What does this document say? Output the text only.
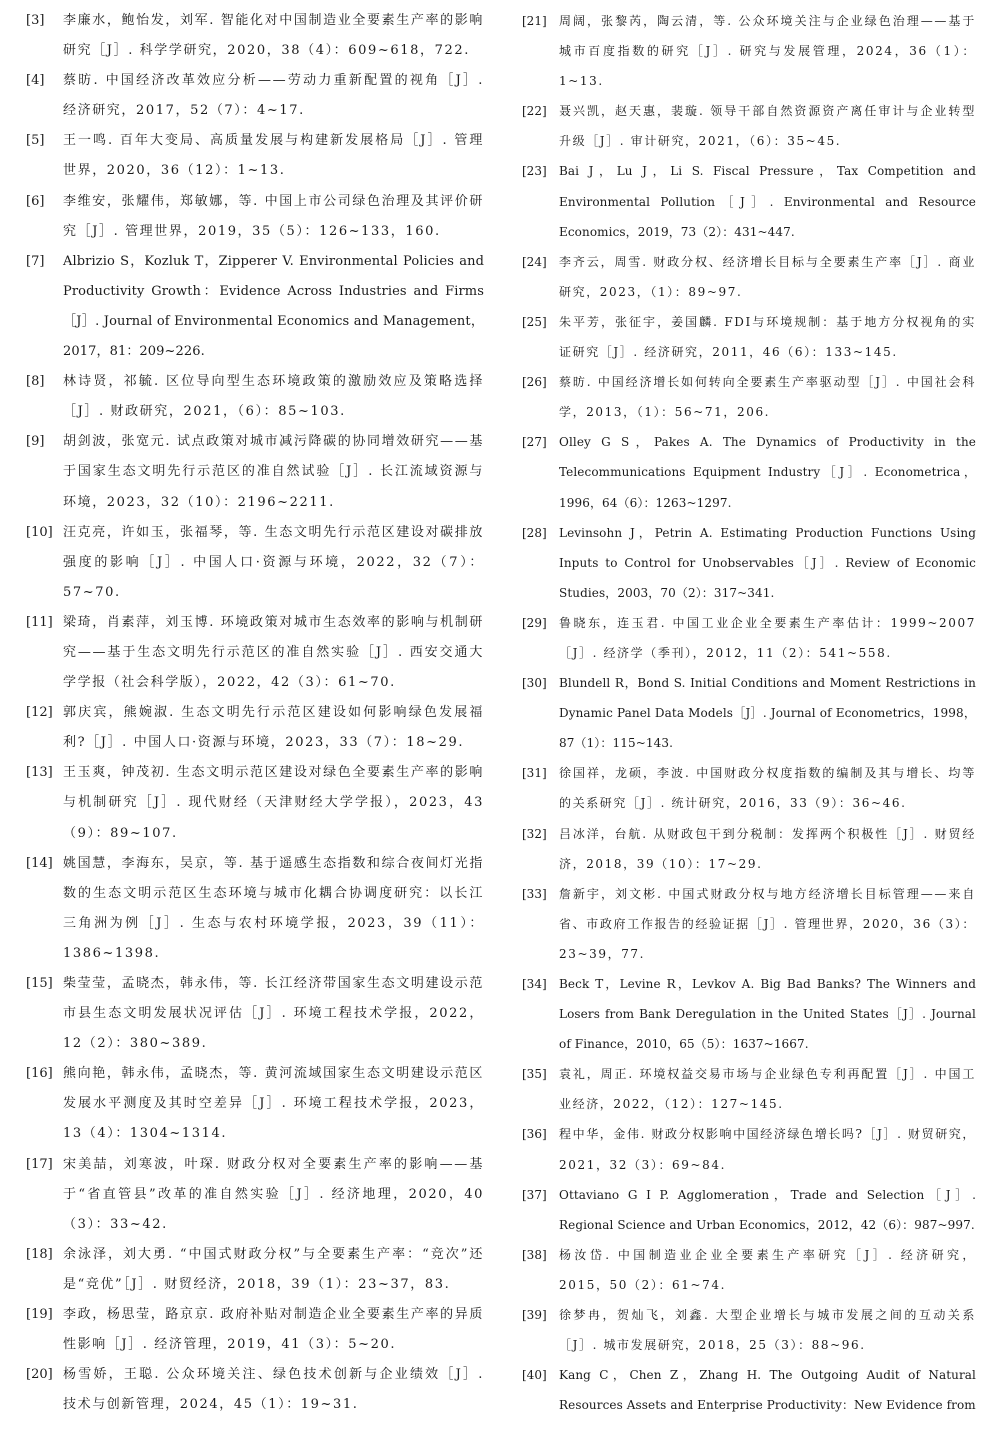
[3]	李廉水，鲍怡发，刘军. 智能化对中国制造业全要素生产率的影响研究［J］. 科学学研究，2020，38（4）：609~618，722.
[4]	蔡昉. 中国经济改革效应分析——劳动力重新配置的视角［J］. 经济研究，2017，52（7）：4~17.
[5]	王一鸣. 百年大变局、高质量发展与构建新发展格局［J］. 管理世界，2020，36（12）：1~13.
[6]	李维安，张耀伟，郑敏娜，等. 中国上市公司绿色治理及其评价研究［J］. 管理世界，2019，35（5）：126~133，160.
[7]	Albrizio S，Kozluk T，Zipperer V. Environmental Policies and Productivity Growth：Evidence Across Industries and Firms［J］. Journal of Environmental Economics and Management，2017，81：209~226.
[8]	林诗贤，祁毓. 区位导向型生态环境政策的激励效应及策略选择［J］. 财政研究，2021，（6）：85~103.
[9]	胡剑波，张宽元. 试点政策对城市减污降碳的协同增效研究——基于国家生态文明先行示范区的准自然试验［J］. 长江流域资源与环境，2023，32（10）：2196~2211.
[10] 汪克亮，许如玉，张福琴，等. 生态文明先行示范区建设对碳排放强度的影响［J］. 中国人口·资源与环境，2022，32（7）：57~70.
[11] 梁琦，肖素萍，刘玉博. 环境政策对城市生态效率的影响与机制研究——基于生态文明先行示范区的准自然实验［J］. 西安交通大学学报（社会科学版），2022，42（3）：61~70.
[12] 郭庆宾，熊婉淑. 生态文明先行示范区建设如何影响绿色发展福利?［J］. 中国人口·资源与环境，2023，33（7）：18~29.
[13] 王玉爽，钟茂初. 生态文明示范区建设对绿色全要素生产率的影响与机制研究［J］. 现代财经（天津财经大学学报），2023，43（9）：89~107.
[14] 姚国慧，李海东，吴京，等. 基于遥感生态指数和综合夜间灯光指数的生态文明示范区生态环境与城市化耦合协调度研究：以长江三角洲为例［J］. 生态与农村环境学报，2023，39（11）：1386~1398.
[15] 柴莹莹，孟晓杰，韩永伟，等. 长江经济带国家生态文明建设示范市县生态文明发展状况评估［J］. 环境工程技术学报，2022，12（2）：380~389.
[16] 熊向艳，韩永伟，孟晓杰，等. 黄河流域国家生态文明建设示范区发展水平测度及其时空差异［J］. 环境工程技术学报，2023，13（4）：1304~1314.
[17] 宋美喆，刘寒波，叶琛. 财政分权对全要素生产率的影响——基于“省直管县”改革的准自然实验［J］. 经济地理，2020，40（3）：33~42.
[18] 余泳泽，刘大勇. “中国式财政分权”与全要素生产率：“竞次”还是“竞优”［J］. 财贸经济，2018，39（1）：23~37，83.
[19] 李政，杨思莹，路京京. 政府补贴对制造企业全要素生产率的异质性影响［J］. 经济管理，2019，41（3）：5~20.
[20] 杨雪娇，王聪. 公众环境关注、绿色技术创新与企业绩效［J］. 技术与创新管理，2024，45（1）：19~31.
[21]	周阔，张黎芮，陶云清，等. 公众环境关注与企业绿色治理——基于城市百度指数的研究［J］. 研究与发展管理，2024，36（1）：1~13.
[22]	聂兴凯，赵天惠，裴璇. 领导干部自然资源资产离任审计与企业转型升级［J］. 审计研究，2021，（6）：35~45.
[23]	Bai J，Lu J，Li S. Fiscal Pressure，Tax Competition and Environmental Pollution［J］. Environmental and Resource Economics，2019，73（2）：431~447.
[24]	李齐云，周雪. 财政分权、经济增长目标与全要素生产率［J］. 商业研究，2023，（1）：89~97.
[25]	朱平芳，张征宇，姜国麟. FDI与环境规制：基于地方分权视角的实证研究［J］. 经济研究，2011，46（6）：133~145.
[26]	蔡昉. 中国经济增长如何转向全要素生产率驱动型［J］. 中国社会科学，2013，（1）：56~71，206.
[27]	Olley G S，Pakes A. The Dynamics of Productivity in the Telecommunications Equipment Industry［J］. Econometrica，1996，64（6）：1263~1297.
[28]	Levinsohn J，Petrin A. Estimating Production Functions Using Inputs to Control for Unobservables［J］. Review of Economic Studies，2003，70（2）：317~341.
[29]	鲁晓东，连玉君. 中国工业企业全要素生产率估计：1999~2007［J］. 经济学（季刊），2012，11（2）：541~558.
[30]	Blundell R，Bond S. Initial Conditions and Moment Restrictions in Dynamic Panel Data Models［J］. Journal of Econometrics，1998，87（1）：115~143.
[31]	徐国祥，龙硕，李波. 中国财政分权度指数的编制及其与增长、均等的关系研究［J］. 统计研究，2016，33（9）：36~46.
[32]	吕冰洋，台航. 从财政包干到分税制：发挥两个积极性［J］. 财贸经济，2018，39（10）：17~29.
[33]	詹新宇，刘文彬. 中国式财政分权与地方经济增长目标管理——来自省、市政府工作报告的经验证据［J］. 管理世界，2020，36（3）：23~39，77.
[34]	Beck T，Levine R，Levkov A. Big Bad Banks? The Winners and Losers from Bank Deregulation in the United States［J］. Journal of Finance，2010，65（5）：1637~1667.
[35]	袁礼，周正. 环境权益交易市场与企业绿色专利再配置［J］. 中国工业经济，2022，（12）：127~145.
[36]	程中华，金伟. 财政分权影响中国经济绿色增长吗?［J］. 财贸研究，2021，32（3）：69~84.
[37]	Ottaviano G I P. Agglomeration，Trade and Selection［J］. Regional Science and Urban Economics，2012，42（6）：987~997.
[38]	杨汝岱. 中国制造业企业全要素生产率研究［J］. 经济研究，2015，50（2）：61~74.
[39]	徐梦冉，贺灿飞，刘鑫. 大型企业增长与城市发展之间的互动关系［J］. 城市发展研究，2018，25（3）：88~96.
[40]	Kang C，Chen Z，Zhang H. The Outgoing Audit of Natural Resources Assets and Enterprise Productivity：New Evidence from
